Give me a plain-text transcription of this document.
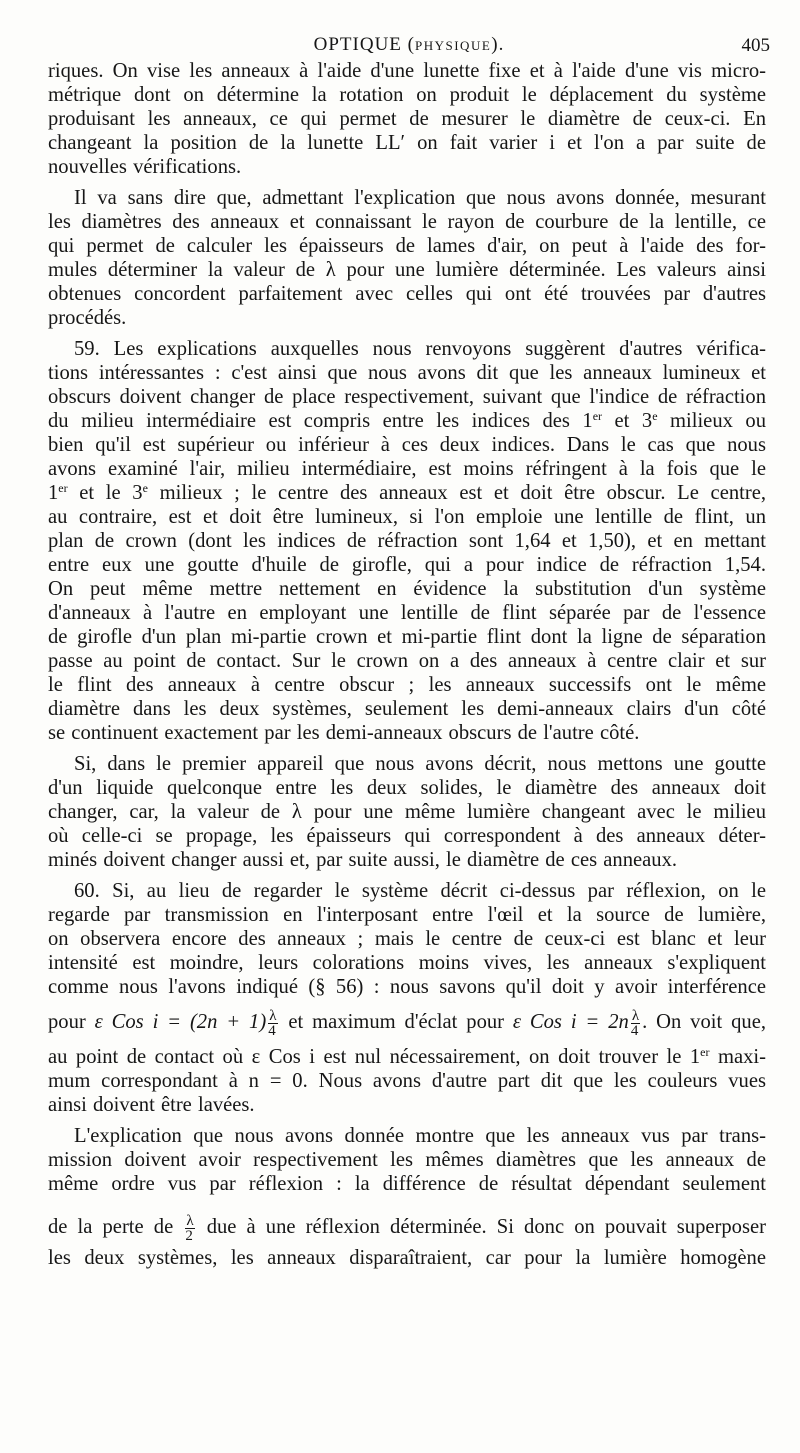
OPTIQUE (PHYSIQUE).	405
riques. On vise les anneaux à l'aide d'une lunette fixe et à l'aide d'une vis micro-
métrique dont on détermine la rotation on produit le déplacement du système
produisant les anneaux, ce qui permet de mesurer le diamètre de ceux-ci. En
changeant la position de la lunette LL′ on fait varier i et l'on a par suite de
nouvelles vérifications.
Il va sans dire que, admettant l'explication que nous avons donnée, mesurant
les diamètres des anneaux et connaissant le rayon de courbure de la lentille, ce
qui permet de calculer les épaisseurs de lames d'air, on peut à l'aide des for-
mules déterminer la valeur de λ pour une lumière déterminée. Les valeurs ainsi
obtenues concordent parfaitement avec celles qui ont été trouvées par d'autres
procédés.
59. Les explications auxquelles nous renvoyons suggèrent d'autres vérifica-
tions intéressantes : c'est ainsi que nous avons dit que les anneaux lumineux et
obscurs doivent changer de place respectivement, suivant que l'indice de réfraction
du milieu intermédiaire est compris entre les indices des 1er et 3e milieux ou
bien qu'il est supérieur ou inférieur à ces deux indices. Dans le cas que nous
avons examiné l'air, milieu intermédiaire, est moins réfringent à la fois que le
1er et le 3e milieux ; le centre des anneaux est et doit être obscur. Le centre,
au contraire, est et doit être lumineux, si l'on emploie une lentille de flint, un
plan de crown (dont les indices de réfraction sont 1,64 et 1,50), et en mettant
entre eux une goutte d'huile de girofle, qui a pour indice de réfraction 1,54.
On peut même mettre nettement en évidence la substitution d'un système
d'anneaux à l'autre en employant une lentille de flint séparée par de l'essence
de girofle d'un plan mi-partie crown et mi-partie flint dont la ligne de séparation
passe au point de contact. Sur le crown on a des anneaux à centre clair et sur
le flint des anneaux à centre obscur ; les anneaux successifs ont le même
diamètre dans les deux systèmes, seulement les demi-anneaux clairs d'un côté
se continuent exactement par les demi-anneaux obscurs de l'autre côté.
Si, dans le premier appareil que nous avons décrit, nous mettons une goutte
d'un liquide quelconque entre les deux solides, le diamètre des anneaux doit
changer, car, la valeur de λ pour une même lumière changeant avec le milieu
où celle-ci se propage, les épaisseurs qui correspondent à des anneaux déter-
minés doivent changer aussi et, par suite aussi, le diamètre de ces anneaux.
60. Si, au lieu de regarder le système décrit ci-dessus par réflexion, on le
regarde par transmission en l'interposant entre l'œil et la source de lumière,
on observera encore des anneaux ; mais le centre de ceux-ci est blanc et leur
intensité est moindre, leurs colorations moins vives, les anneaux s'expliquent
comme nous l'avons indiqué (§ 56) : nous savons qu'il doit y avoir interférence
pour ε Cos $i = (2n + 1) \frac{\lambda}{4}$ et maximum d'éclat pour ε Cos $i = 2n \frac{\lambda}{4}$ . On voit que,
au point de contact où ε Cos i est nul nécessairement, on doit trouver le 1er maxi-
mum correspondant à n = 0. Nous avons d'autre part dit que les couleurs vues
ainsi doivent être lavées.
L'explication que nous avons donnée montre que les anneaux vus par trans-
mission doivent avoir respectivement les mêmes diamètres que les anneaux de
même ordre vus par réflexion : la différence de résultat dépendant seulement
de la perte de $\frac{\lambda}{2}$ due à une réflexion déterminée. Si donc on pouvait superposer
les deux systèmes, les anneaux disparaîtraient, car pour la lumière homogène
